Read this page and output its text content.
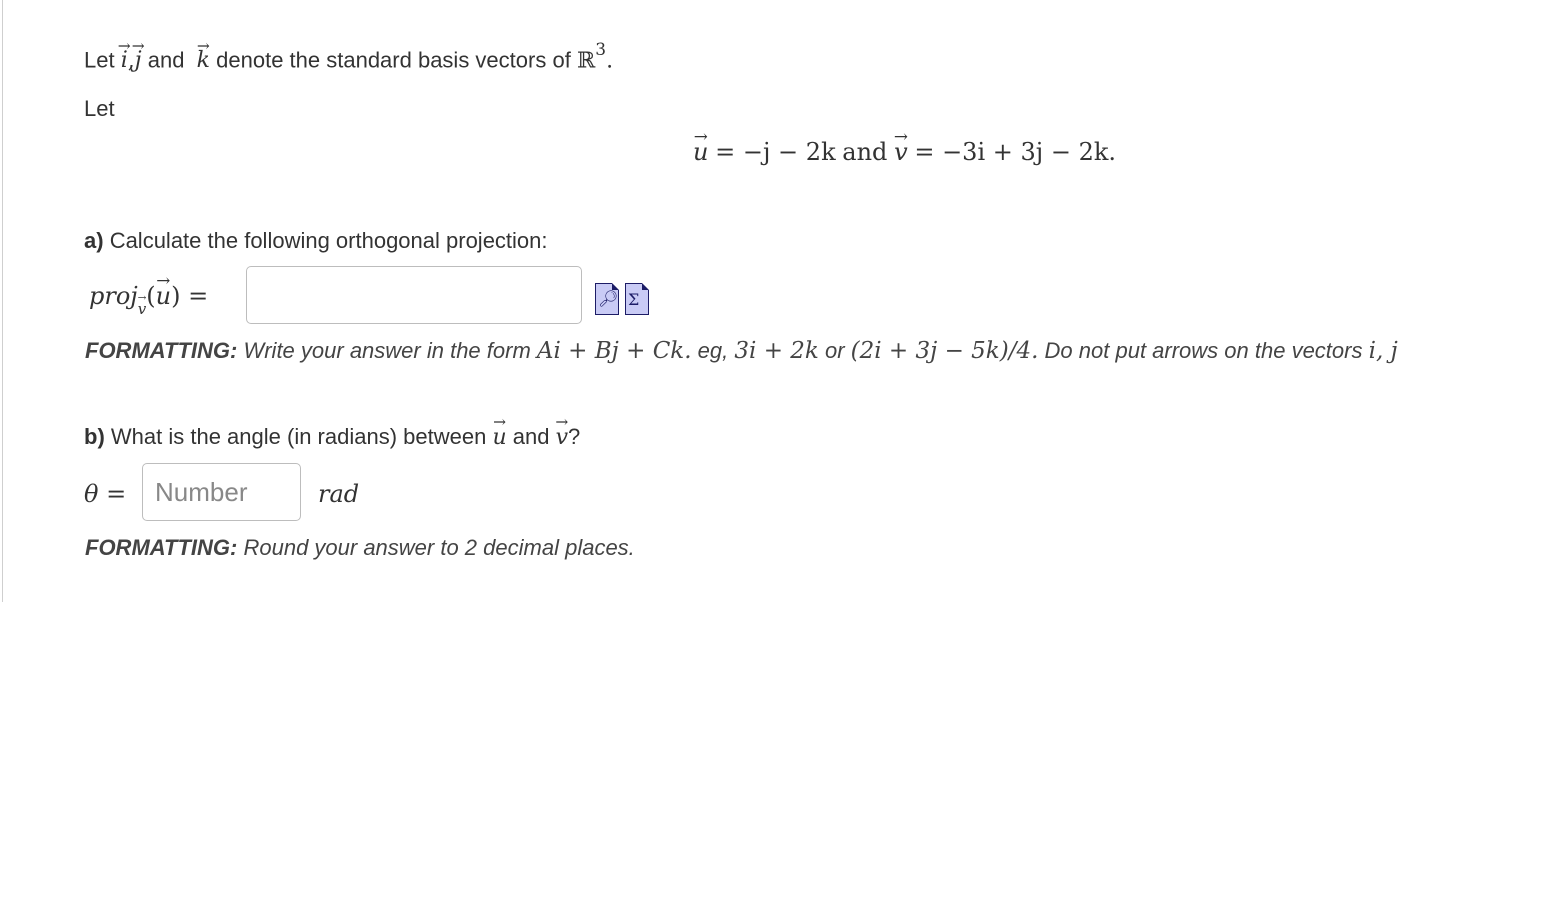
Let → i,→ j and → k denote the standard basis vectors of ℝ$^3$.
Let
→ u = −j − 2k and → v = −3i + 3j − 2k.
a) Calculate the following orthogonal projection:
proj→ $_v$(→ u) =	🔎︎ Σ
FORMATTING: Write your answer in the form Ai + Bj + Ck. eg, 3i + 2k or (2i + 3j − 5k)/4. Do not put arrows on the vectors i, j
b) What is the angle (in radians) between → u and → v?
θ =
Number	rad
FORMATTING: Round your answer to 2 decimal places.
